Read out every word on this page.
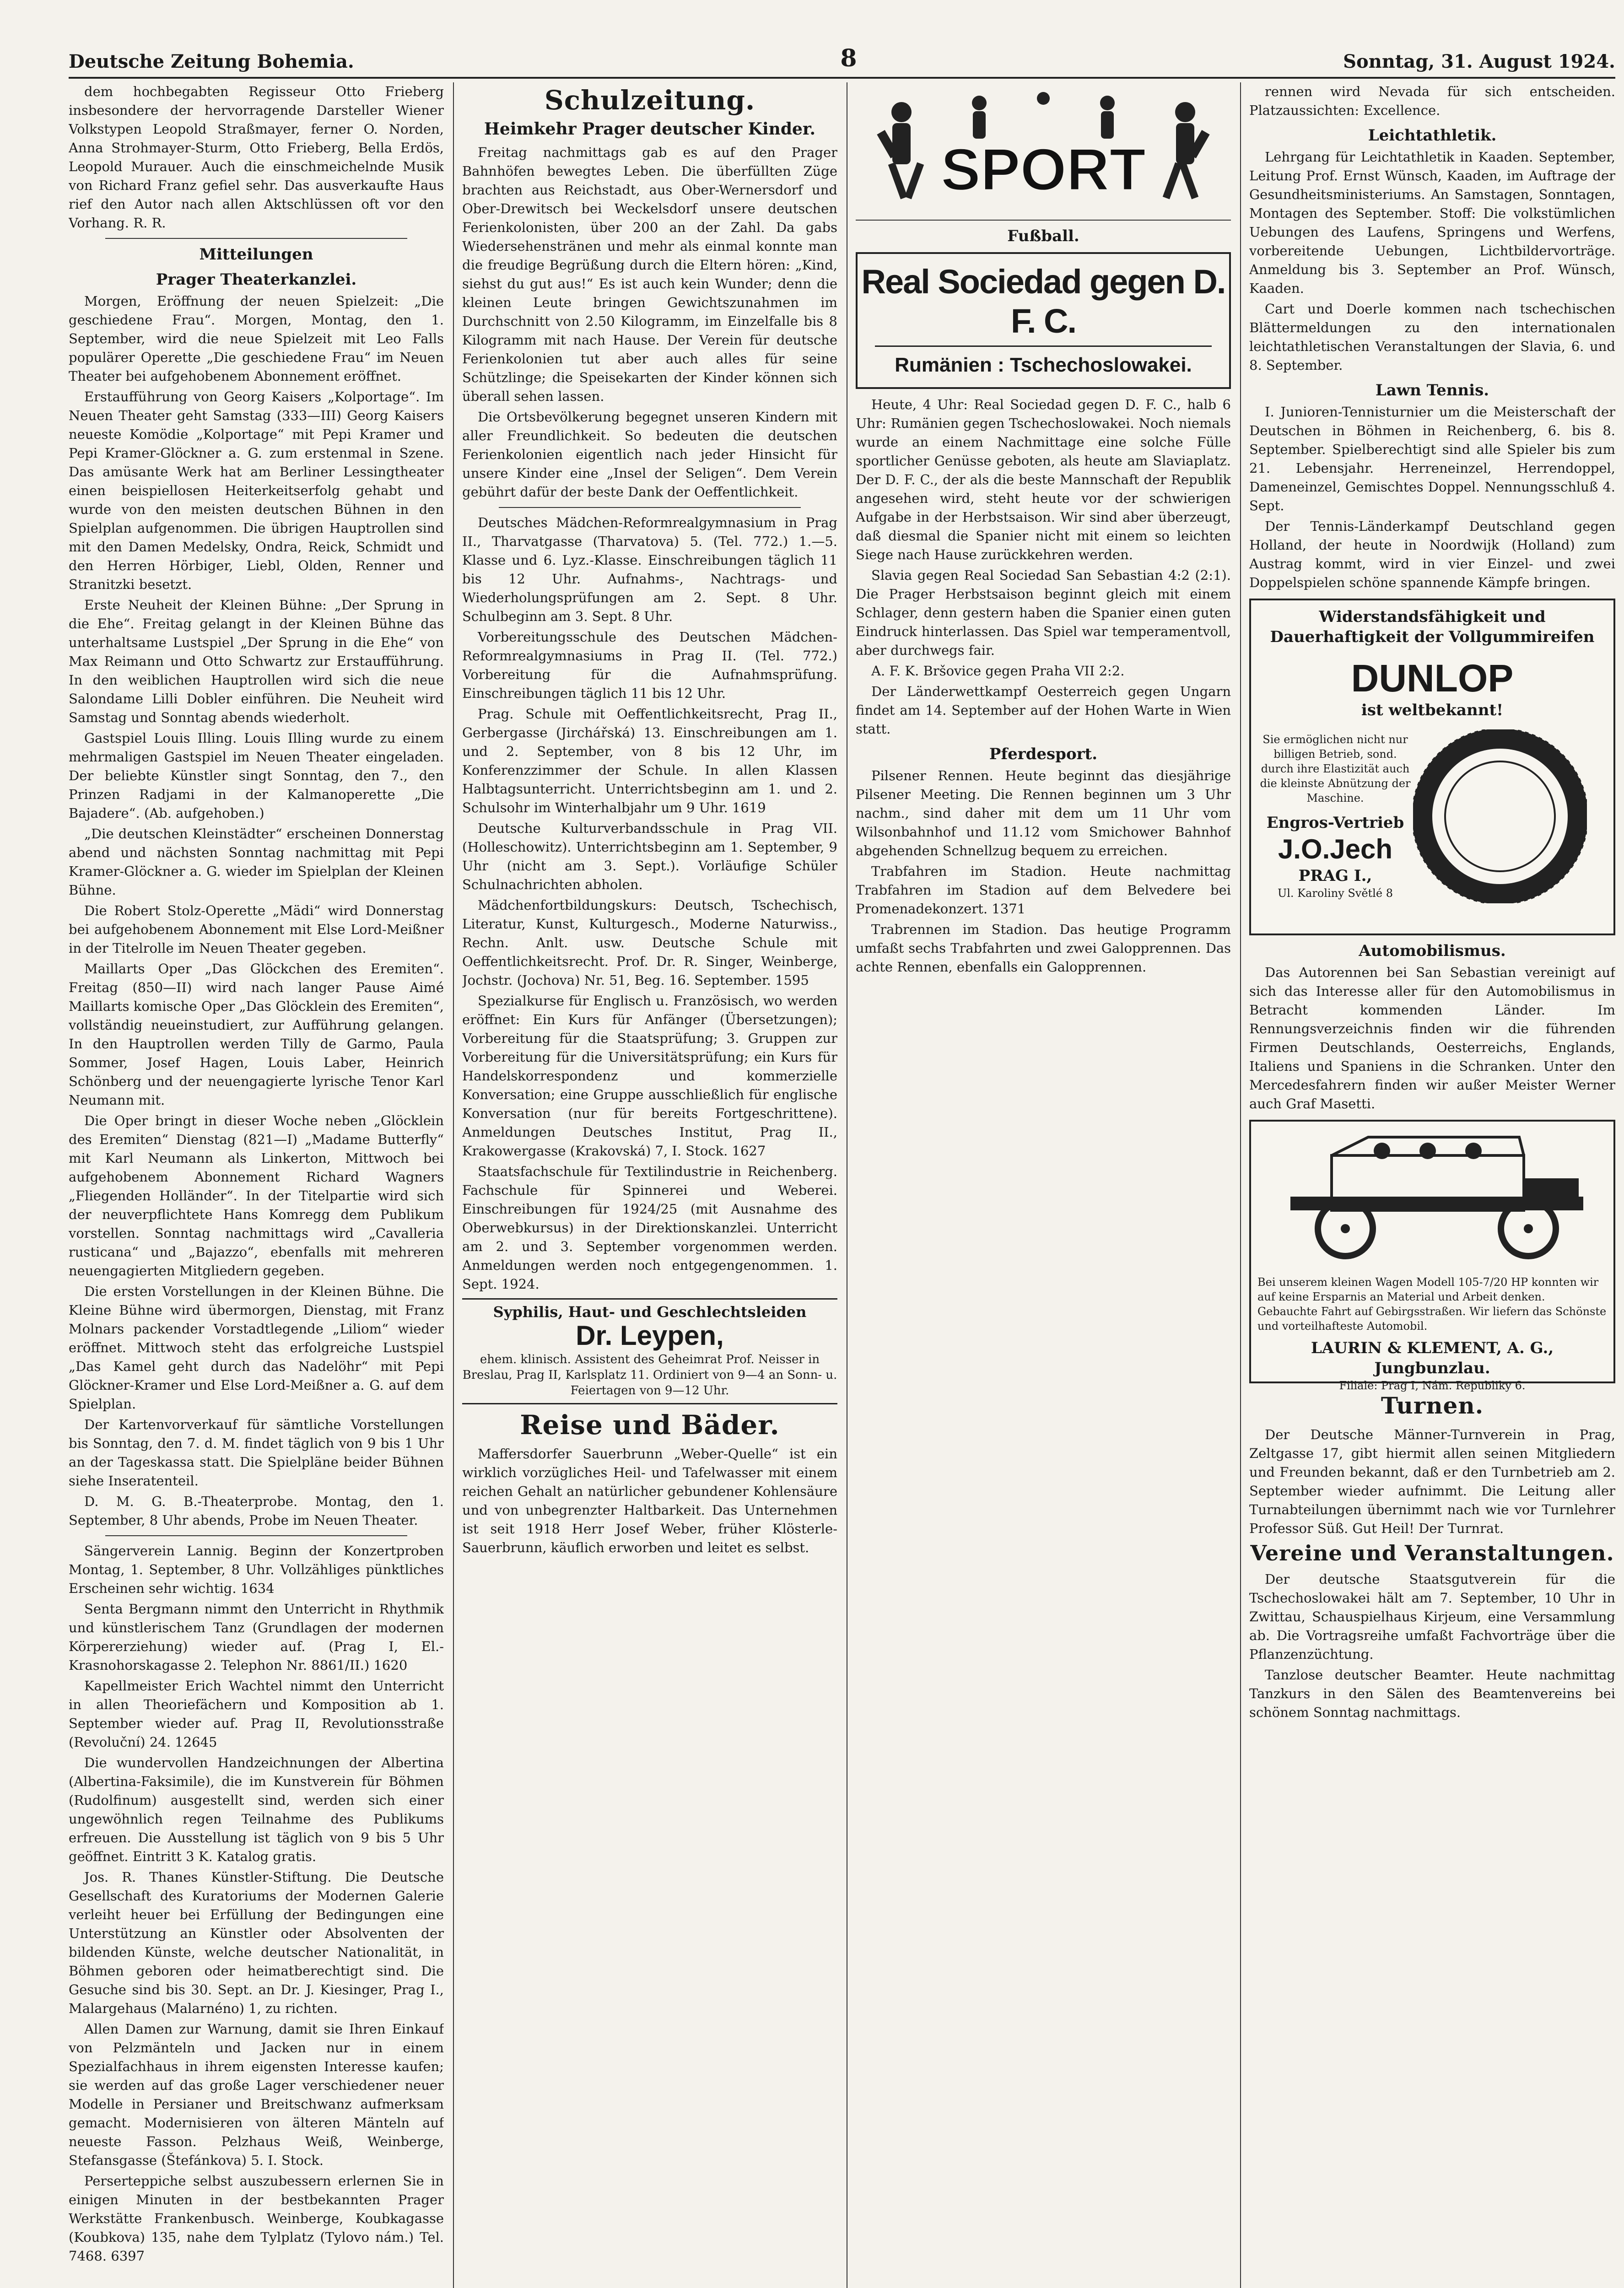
Deutsche Zeitung Bohemia.	8	Sonntag, 31. August 1924.

dem hochbegabten Regisseur Otto Frieberg insbesondere der hervorragende Darsteller Wiener Volkstypen Leopold Straßmayer, ferner O. Norden, Anna Strohmayer-Sturm, Otto Frieberg, Bella Erdös, Leopold Murauer. Auch die einschmeichelnde Musik von Richard Franz gefiel sehr. Das ausverkaufte Haus rief den Autor nach allen Aktschlüssen oft vor den Vorhang. R. R.

Mitteilungen
Prager Theaterkanzlei.

Morgen, Eröffnung der neuen Spielzeit: „Die geschiedene Frau“. Morgen, Montag, den 1. September, wird die neue Spielzeit mit Leo Falls populärer Operette „Die geschiedene Frau“ im Neuen Theater bei aufgehobenem Abonnement eröffnet.

Erstaufführung von Georg Kaisers „Kolportage“. Im Neuen Theater geht Samstag (333—III) Georg Kaisers neueste Komödie „Kolportage“ mit Pepi Kramer und Pepi Kramer-Glöckner a. G. zum erstenmal in Szene. Das amüsante Werk hat am Berliner Lessingtheater einen beispiellosen Heiterkeitserfolg gehabt und wurde von den meisten deutschen Bühnen in den Spielplan aufgenommen. Die übrigen Hauptrollen sind mit den Damen Medelsky, Ondra, Reick, Schmidt und den Herren Hörbiger, Liebl, Olden, Renner und Stranitzki besetzt.

Erste Neuheit der Kleinen Bühne: „Der Sprung in die Ehe“. Freitag gelangt in der Kleinen Bühne das unterhaltsame Lustspiel „Der Sprung in die Ehe“ von Max Reimann und Otto Schwartz zur Erstaufführung. In den weiblichen Hauptrollen wird sich die neue Salondame Lilli Dobler einführen. Die Neuheit wird Samstag und Sonntag abends wiederholt.

Gastspiel Louis Illing. Louis Illing wurde zu einem mehrmaligen Gastspiel im Neuen Theater eingeladen. Der beliebte Künstler singt Sonntag, den 7., den Prinzen Radjami in der Kalmanoperette „Die Bajadere“. (Ab. aufgehoben.)

„Die deutschen Kleinstädter“ erscheinen Donnerstag abend und nächsten Sonntag nachmittag mit Pepi Kramer-Glöckner a. G. wieder im Spielplan der Kleinen Bühne.

Die Robert Stolz-Operette „Mädi“ wird Donnerstag bei aufgehobenem Abonnement mit Else Lord-Meißner in der Titelrolle im Neuen Theater gegeben.

Maillarts Oper „Das Glöckchen des Eremiten“. Freitag (850—II) wird nach langer Pause Aimé Maillarts komische Oper „Das Glöcklein des Eremiten“, vollständig neueinstudiert, zur Aufführung gelangen. In den Hauptrollen werden Tilly de Garmo, Paula Sommer, Josef Hagen, Louis Laber, Heinrich Schönberg und der neuengagierte lyrische Tenor Karl Neumann mit.

Die Oper bringt in dieser Woche neben „Glöcklein des Eremiten“ Dienstag (821—I) „Madame Butterfly“ mit Karl Neumann als Linkerton, Mittwoch bei aufgehobenem Abonnement Richard Wagners „Fliegenden Holländer“. In der Titelpartie wird sich der neuverpflichtete Hans Komregg dem Publikum vorstellen. Sonntag nachmittags wird „Cavalleria rusticana“ und „Bajazzo“, ebenfalls mit mehreren neuengagierten Mitgliedern gegeben.

Die ersten Vorstellungen in der Kleinen Bühne. Die Kleine Bühne wird übermorgen, Dienstag, mit Franz Molnars packender Vorstadtlegende „Liliom“ wieder eröffnet. Mittwoch steht das erfolgreiche Lustspiel „Das Kamel geht durch das Nadelöhr“ mit Pepi Glöckner-Kramer und Else Lord-Meißner a. G. auf dem Spielplan.

Der Kartenvorverkauf für sämtliche Vorstellungen bis Sonntag, den 7. d. M. findet täglich von 9 bis 1 Uhr an der Tageskassa statt. Die Spielpläne beider Bühnen siehe Inseratenteil.

D. M. G. B.-Theaterprobe. Montag, den 1. September, 8 Uhr abends, Probe im Neuen Theater.

Sängerverein Lannig. Beginn der Konzertproben Montag, 1. September, 8 Uhr. Vollzähliges pünktliches Erscheinen sehr wichtig. 1634

Senta Bergmann nimmt den Unterricht in Rhythmik und künstlerischem Tanz (Grundlagen der modernen Körpererziehung) wieder auf. (Prag I, El.-Krasnohorskagasse 2. Telephon Nr. 8861/II.) 1620

Kapellmeister Erich Wachtel nimmt den Unterricht in allen Theoriefächern und Komposition ab 1. September wieder auf. Prag II, Revolutionsstraße (Revoluční) 24. 12645

Die wundervollen Handzeichnungen der Albertina (Albertina-Faksimile), die im Kunstverein für Böhmen (Rudolfinum) ausgestellt sind, werden sich einer ungewöhnlich regen Teilnahme des Publikums erfreuen. Die Ausstellung ist täglich von 9 bis 5 Uhr geöffnet. Eintritt 3 K. Katalog gratis.

Jos. R. Thanes Künstler-Stiftung. Die Deutsche Gesellschaft des Kuratoriums der Modernen Galerie verleiht heuer bei Erfüllung der Bedingungen eine Unterstützung an Künstler oder Absolventen der bildenden Künste, welche deutscher Nationalität, in Böhmen geboren oder heimatberechtigt sind. Die Gesuche sind bis 30. Sept. an Dr. J. Kiesinger, Prag I., Malargehaus (Malarnéno) 1, zu richten.

Allen Damen zur Warnung, damit sie Ihren Einkauf von Pelzmänteln und Jacken nur in einem Spezialfachhaus in ihrem eigensten Interesse kaufen; sie werden auf das große Lager verschiedener neuer Modelle in Persianer und Breitschwanz aufmerksam gemacht. Modernisieren von älteren Mänteln auf neueste Fasson. Pelzhaus Weiß, Weinberge, Stefansgasse (Štefánkova) 5. I. Stock.

Perserteppiche selbst auszubessern erlernen Sie in einigen Minuten in der bestbekannten Prager Werkstätte Frankenbusch. Weinberge, Koubkagasse (Koubkova) 135, nahe dem Tylplatz (Tylovo nám.) Tel. 7468. 6397

Schulzeitung.
Heimkehr Prager deutscher Kinder.

Freitag nachmittags gab es auf den Prager Bahnhöfen bewegtes Leben. Die überfüllten Züge brachten aus Reichstadt, aus Ober-Wernersdorf und Ober-Drewitsch bei Weckelsdorf unsere deutschen Ferienkolonisten, über 200 an der Zahl. Da gabs Wiedersehenstränen und mehr als einmal konnte man die freudige Begrüßung durch die Eltern hören: „Kind, siehst du gut aus!“ Es ist auch kein Wunder; denn die kleinen Leute bringen Gewichtszunahmen im Durchschnitt von 2.50 Kilogramm, im Einzelfalle bis 8 Kilogramm mit nach Hause. Der Verein für deutsche Ferienkolonien tut aber auch alles für seine Schützlinge; die Speisekarten der Kinder können sich überall sehen lassen.

Die Ortsbevölkerung begegnet unseren Kindern mit aller Freundlichkeit. So bedeuten die deutschen Ferienkolonien eigentlich nach jeder Hinsicht für unsere Kinder eine „Insel der Seligen“. Dem Verein gebührt dafür der beste Dank der Oeffentlichkeit.

Deutsches Mädchen-Reformrealgymnasium in Prag II., Tharvatgasse (Tharvatova) 5. (Tel. 772.) 1.—5. Klasse und 6. Lyz.-Klasse. Einschreibungen täglich 11 bis 12 Uhr. Aufnahms-, Nachtrags- und Wiederholungsprüfungen am 2. Sept. 8 Uhr. Schulbeginn am 3. Sept. 8 Uhr.

Vorbereitungsschule des Deutschen Mädchen-Reformrealgymnasiums in Prag II. (Tel. 772.) Vorbereitung für die Aufnahmsprüfung. Einschreibungen täglich 11 bis 12 Uhr.

Prag. Schule mit Oeffentlichkeitsrecht, Prag II., Gerbergasse (Jirchářská) 13. Einschreibungen am 1. und 2. September, von 8 bis 12 Uhr, im Konferenzzimmer der Schule. In allen Klassen Halbtagsunterricht. Unterrichtsbeginn am 1. und 2. Schulsohr im Winterhalbjahr um 9 Uhr. 1619

Deutsche Kulturverbandsschule in Prag VII. (Holleschowitz). Unterrichtsbeginn am 1. September, 9 Uhr (nicht am 3. Sept.). Vorläufige Schüler Schulnachrichten abholen.

Mädchenfortbildungskurs: Deutsch, Tschechisch, Literatur, Kunst, Kulturgesch., Moderne Naturwiss., Rechn. Anlt. usw. Deutsche Schule mit Oeffentlichkeitsrecht. Prof. Dr. R. Singer, Weinberge, Jochstr. (Jochova) Nr. 51, Beg. 16. September. 1595

Spezialkurse für Englisch u. Französisch, wo werden eröffnet: Ein Kurs für Anfänger (Übersetzungen); Vorbereitung für die Staatsprüfung; 3. Gruppen zur Vorbereitung für die Universitätsprüfung; ein Kurs für Handelskorrespondenz und kommerzielle Konversation; eine Gruppe ausschließlich für englische Konversation (nur für bereits Fortgeschrittene). Anmeldungen Deutsches Institut, Prag II., Krakowergasse (Krakovská) 7, I. Stock. 1627

Staatsfachschule für Textilindustrie in Reichenberg. Fachschule für Spinnerei und Weberei. Einschreibungen für 1924/25 (mit Ausnahme des Oberwebkursus) in der Direktionskanzlei. Unterricht am 2. und 3. September vorgenommen werden. Anmeldungen werden noch entgegengenommen. 1. Sept. 1924.

Syphilis, Haut- und Geschlechtsleiden
Dr. Leypen,
ehem. klinisch. Assistent des Geheimrat Prof. Neisser in Breslau, Prag II, Karlsplatz 11. Ordiniert von 9—4 an Sonn- u. Feiertagen von 9—12 Uhr.
Reise und Bäder.

Maffersdorfer Sauerbrunn „Weber-Quelle“ ist ein wirklich vorzügliches Heil- und Tafelwasser mit einem reichen Gehalt an natürlicher gebundener Kohlensäure und von unbegrenzter Haltbarkeit. Das Unternehmen ist seit 1918 Herr Josef Weber, früher Klösterle-Sauerbrunn, käuflich erworben und leitet es selbst.

SPORT
Fußball.
Real Sociedad gegen D. F. C.
Rumänien : Tschechoslowakei.

Heute, 4 Uhr: Real Sociedad gegen D. F. C., halb 6 Uhr: Rumänien gegen Tschechoslowakei. Noch niemals wurde an einem Nachmittage eine solche Fülle sportlicher Genüsse geboten, als heute am Slaviaplatz. Der D. F. C., der als die beste Mannschaft der Republik angesehen wird, steht heute vor der schwierigen Aufgabe in der Herbstsaison. Wir sind aber überzeugt, daß diesmal die Spanier nicht mit einem so leichten Siege nach Hause zurückkehren werden.

Slavia gegen Real Sociedad San Sebastian 4:2 (2:1). Die Prager Herbstsaison beginnt gleich mit einem Schlager, denn gestern haben die Spanier einen guten Eindruck hinterlassen. Das Spiel war temperamentvoll, aber durchwegs fair.

A. F. K. Bršovice gegen Praha VII 2:2.

Der Länderwettkampf Oesterreich gegen Ungarn findet am 14. September auf der Hohen Warte in Wien statt.

Pferdesport.

Pilsener Rennen. Heute beginnt das diesjährige Pilsener Meeting. Die Rennen beginnen um 3 Uhr nachm., sind daher mit dem um 11 Uhr vom Wilsonbahnhof und 11.12 vom Smichower Bahnhof abgehenden Schnellzug bequem zu erreichen.

Trabfahren im Stadion. Heute nachmittag Trabfahren im Stadion auf dem Belvedere bei Promenadekonzert. 1371

Trabrennen im Stadion. Das heutige Programm umfaßt sechs Trabfahrten und zwei Galopprennen. Das achte Rennen, ebenfalls ein Galopprennen.

rennen wird Nevada für sich entscheiden. Platzaussichten: Excellence.

Leichtathletik.

Lehrgang für Leichtathletik in Kaaden. September, Leitung Prof. Ernst Wünsch, Kaaden, im Auftrage der Gesundheitsministeriums. An Samstagen, Sonntagen, Montagen des September. Stoff: Die volkstümlichen Uebungen des Laufens, Springens und Werfens, vorbereitende Uebungen, Lichtbildervorträge. Anmeldung bis 3. September an Prof. Wünsch, Kaaden.

Cart und Doerle kommen nach tschechischen Blättermeldungen zu den internationalen leichtathletischen Veranstaltungen der Slavia, 6. und 8. September.

Lawn Tennis.

I. Junioren-Tennisturnier um die Meisterschaft der Deutschen in Böhmen in Reichenberg, 6. bis 8. September. Spielberechtigt sind alle Spieler bis zum 21. Lebensjahr. Herreneinzel, Herrendoppel, Dameneinzel, Gemischtes Doppel. Nennungsschluß 4. Sept.

Der Tennis-Länderkampf Deutschland gegen Holland, der heute in Noordwijk (Holland) zum Austrag kommt, wird in vier Einzel- und zwei Doppelspielen schöne spannende Kämpfe bringen.

Widerstandsfähigkeit und Dauerhaftigkeit der Vollgummireifen
DUNLOP
ist weltbekannt!
Sie ermöglichen nicht nur billigen Betrieb, sond. durch ihre Elastizität auch die kleinste Abnützung der Maschine.
Engros-Vertrieb
J.O.Jech
PRAG I.,
Ul. Karoliny Světlé 8
Automobilismus.

Das Autorennen bei San Sebastian vereinigt auf sich das Interesse aller für den Automobilismus in Betracht kommenden Länder. Im Rennungsverzeichnis finden wir die führenden Firmen Deutschlands, Oesterreichs, Englands, Italiens und Spaniens in die Schranken. Unter den Mercedesfahrern finden wir außer Meister Werner auch Graf Masetti.

Bei unserem kleinen Wagen Modell 105-7/20 HP konnten wir auf keine Ersparnis an Material und Arbeit denken. Gebauchte Fahrt auf Gebirgsstraßen. Wir liefern das Schönste und vorteilhafteste Automobil.
LAURIN & KLEMENT, A. G., Jungbunzlau.
Filiale: Prag I, Nám. Republiky 6.
Turnen.

Der Deutsche Männer-Turnverein in Prag, Zeltgasse 17, gibt hiermit allen seinen Mitgliedern und Freunden bekannt, daß er den Turnbetrieb am 2. September wieder aufnimmt. Die Leitung aller Turnabteilungen übernimmt nach wie vor Turnlehrer Professor Süß. Gut Heil! Der Turnrat.

Vereine und Veranstaltungen.

Der deutsche Staatsgutverein für die Tschechoslowakei hält am 7. September, 10 Uhr in Zwittau, Schauspielhaus Kirjeum, eine Versammlung ab. Die Vortragsreihe umfaßt Fachvorträge über die Pflanzenzüchtung.

Tanzlose deutscher Beamter. Heute nachmittag Tanzkurs in den Sälen des Beamtenvereins bei schönem Sonntag nachmittags.
